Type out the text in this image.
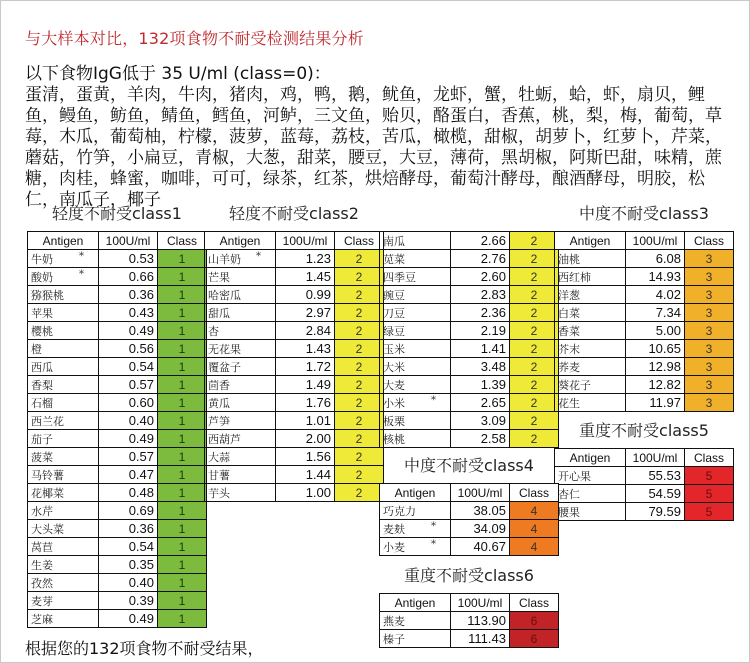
与大样本对比，132项食物不耐受检测结果分析
以下食物IgG低于 35 U/ml (class=0)：
蛋清，蛋黄，羊肉，牛肉，猪肉，鸡，鸭，鹅，鱿鱼，龙虾，蟹，牡蛎，蛤，虾，扇贝，鲤鱼，鳗鱼，鲂鱼，鲭鱼，鳕鱼，河鲈，三文鱼，贻贝，酪蛋白，香蕉，桃，梨，梅，葡萄，草莓，木瓜，葡萄柚，柠檬，菠萝，蓝莓，荔枝，苦瓜，橄榄，甜椒，胡萝卜，红萝卜，芹菜，蘑菇，竹笋，小扁豆，青椒，大葱，甜菜，腰豆，大豆，薄荷，黑胡椒，阿斯巴甜，味精，蔗糖，肉桂，蜂蜜，咖啡，可可，绿茶，红茶，烘焙酵母，葡萄汁酵母，酿酒酵母，明胶，松仁，南瓜子，椰子
轻度不耐受class1
Antigen	100U/ml	Class
牛奶 *	0.53	1
酸奶 *	0.66	1
猕猴桃	0.36	1
苹果	0.43	1
樱桃	0.49	1
橙	0.56	1
西瓜	0.54	1
香梨	0.57	1
石榴	0.60	1
西兰花	0.40	1
茄子	0.49	1
菠菜	0.57	1
马铃薯	0.47	1
花椰菜	0.48	1
水芹	0.69	1
大头菜	0.36	1
莴苣	0.54	1
生姜	0.35	1
孜然	0.40	1
麦芽	0.39	1
芝麻	0.49	1
轻度不耐受class2
Antigen	100U/ml	Class
山羊奶 *	1.23	2
芒果	1.45	2
哈密瓜	0.99	2
甜瓜	2.97	2
杏	2.84	2
无花果	1.43	2
覆盆子	1.72	2
茴香	1.49	2
黄瓜	1.76	2
芦笋	1.01	2
西葫芦	2.00	2
大蒜	1.56	2
甘薯	1.44	2
芋头	1.00	2
南瓜	2.66	2
苋菜	2.76	2
四季豆	2.60	2
豌豆	2.83	2
刀豆	2.36	2
绿豆	2.19	2
玉米	1.41	2
大米	3.48	2
大麦	1.39	2
小米 *	2.65	2
板栗	3.09	2
核桃	2.58	2
中度不耐受class3
Antigen	100U/ml	Class
油桃	6.08	3
西红柿	14.93	3
洋葱	4.02	3
白菜	7.34	3
香菜	5.00	3
芥末	10.65	3
荞麦	12.98	3
葵花子	12.82	3
花生	11.97	3
重度不耐受class5
Antigen	100U/ml	Class
开心果	55.53	5
杏仁	54.59	5
腰果	79.59	5
中度不耐受class4
Antigen	100U/ml	Class
巧克力	38.05	4
麦麸 *	34.09	4
小麦 *	40.67	4
重度不耐受class6
Antigen	100U/ml	Class
燕麦	113.90	6
榛子	111.43	6
根据您的132项食物不耐受结果，
